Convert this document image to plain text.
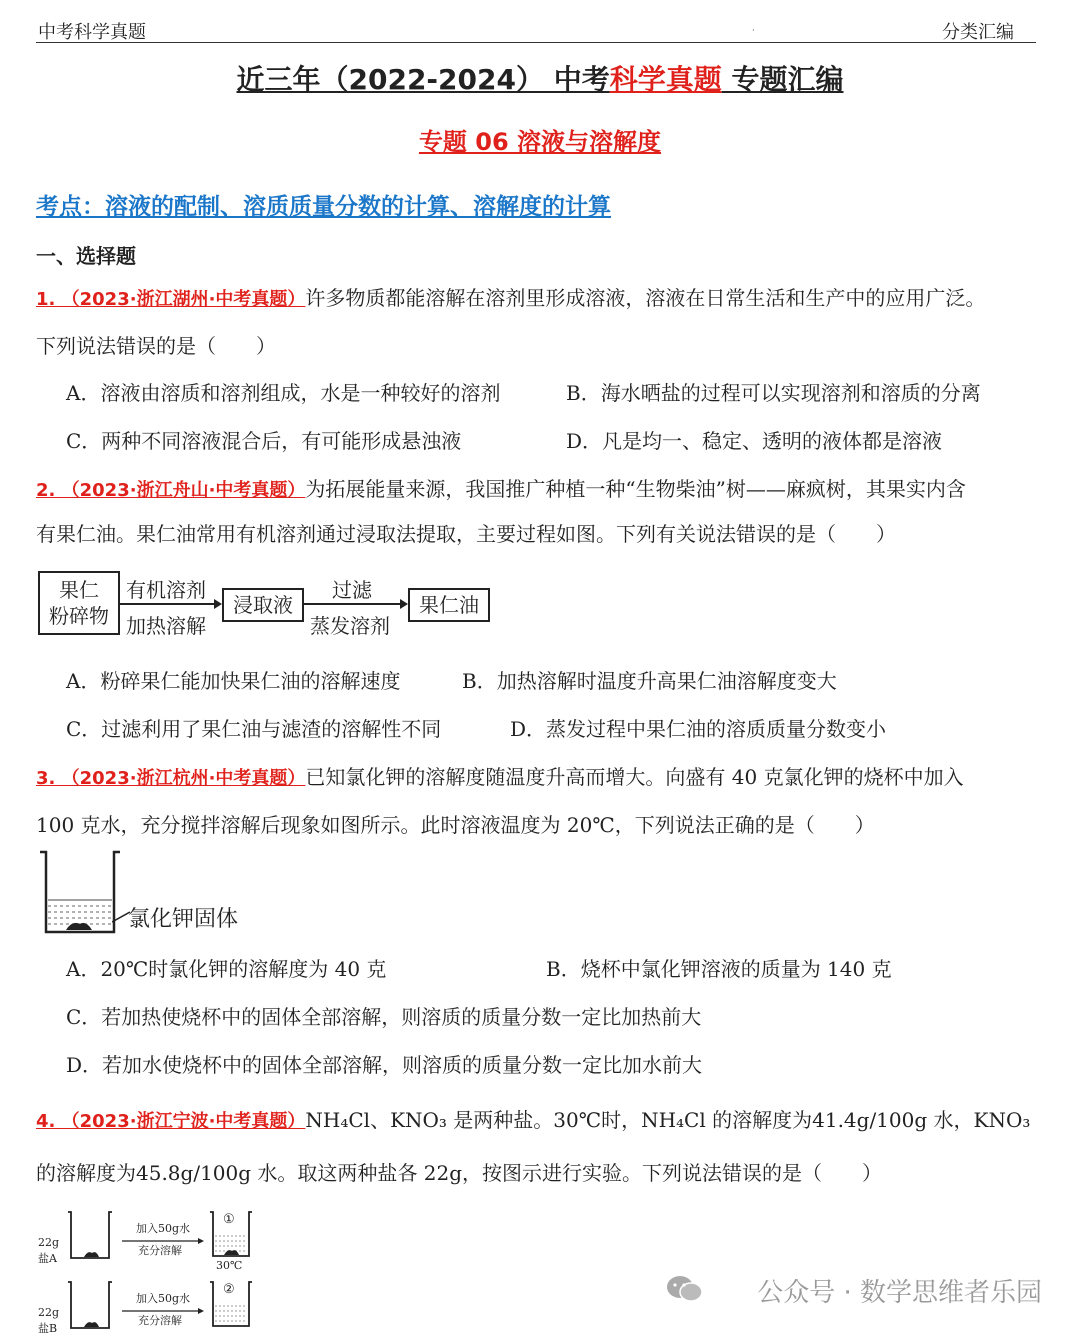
中考科学真题	·	分类汇编
近三年（2022-2024） 中考科学真题 专题汇编
专题 06 溶液与溶解度
考点：溶液的配制、溶质质量分数的计算、溶解度的计算
一、选择题
1. （2023·浙江湖州·中考真题）许多物质都能溶解在溶剂里形成溶液，溶液在日常生活和生产中的应用广泛。
下列说法错误的是（　　）
A．溶液由溶质和溶剂组成，水是一种较好的溶剂	B．海水晒盐的过程可以实现溶剂和溶质的分离
C．两种不同溶液混合后，有可能形成悬浊液	D．凡是均一、稳定、透明的液体都是溶液
2. （2023·浙江舟山·中考真题）为拓展能量来源，我国推广种植一种“生物柴油”树——麻疯树，其果实内含
有果仁油。果仁油常用有机溶剂通过浸取法提取，主要过程如图。下列有关说法错误的是（　　）
果仁
粉碎物
有机溶剂
加热溶解
浸取液
过滤
蒸发溶剂
果仁油
A．粉碎果仁能加快果仁油的溶解速度	B．加热溶解时温度升高果仁油溶解度变大
C．过滤利用了果仁油与滤渣的溶解性不同	D．蒸发过程中果仁油的溶质质量分数变小
3. （2023·浙江杭州·中考真题）已知氯化钾的溶解度随温度升高而增大。向盛有 40 克氯化钾的烧杯中加入
100 克水，充分搅拌溶解后现象如图所示。此时溶液温度为 20℃，下列说法正确的是（　　）
氯化钾固体
A．20℃时氯化钾的溶解度为 40 克	B．烧杯中氯化钾溶液的质量为 140 克
C．若加热使烧杯中的固体全部溶解，则溶质的质量分数一定比加热前大
D．若加水使烧杯中的固体全部溶解，则溶质的质量分数一定比加水前大
4. （2023·浙江宁波·中考真题）NH₄Cl、KNO₃ 是两种盐。30℃时，NH₄Cl 的溶解度为41.4g/100g 水，KNO₃
的溶解度为45.8g/100g 水。取这两种盐各 22g，按图示进行实验。下列说法错误的是（　　）
22g
盐A
加入50g水
充分溶解
①
30℃
22g
盐B
加入50g水
充分溶解
②	公众号 · 数学思维者乐园
